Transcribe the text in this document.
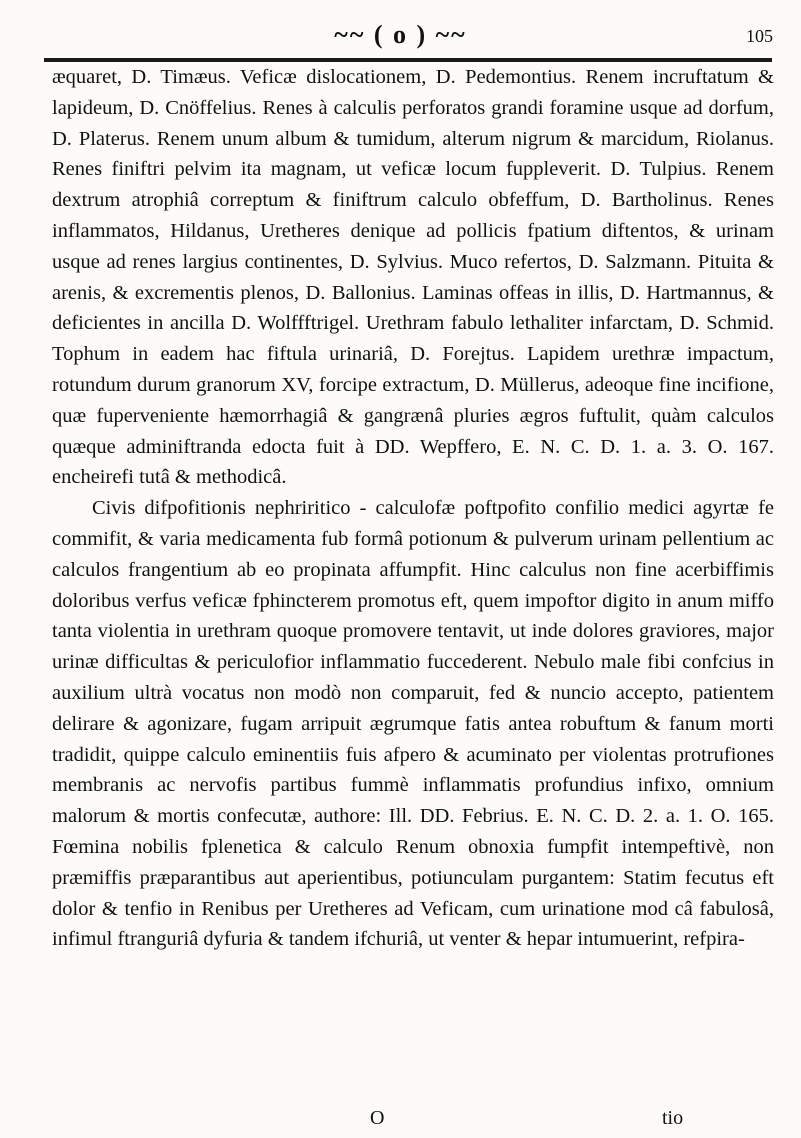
~~ ( o ) ~~	105

æquaret, D. Timæus. Veficæ dislocationem, D. Pedemontius. Renem incruftatum & lapideum, D. Cnöffelius. Renes à calculis perforatos grandi foramine usque ad dorfum, D. Platerus. Renem unum album & tumidum, alterum nigrum & marcidum, Riolanus. Renes finiftri pelvim ita magnam, ut veficæ locum fuppleverit. D. Tulpius. Renem dextrum atrophiâ correptum & finiftrum calculo obfeffum, D. Bartholinus. Renes inflammatos, Hildanus, Uretheres denique ad pollicis fpatium diftentos, & urinam usque ad renes largius continentes, D. Sylvius. Muco refertos, D. Salzmann. Pituita & arenis, & excrementis plenos, D. Ballonius. Laminas offeas in illis, D. Hartmannus, & deficientes in ancilla D. Wolffftrigel. Urethram fabulo lethaliter infarctam, D. Schmid. Tophum in eadem hac fiftula urinariâ, D. Forejtus. Lapidem urethræ impactum, rotundum durum granorum XV, forcipe extractum, D. Müllerus, adeoque fine incifione, quæ fuperveniente hæmorrhagiâ & gangrænâ pluries ægros fuftulit, quàm calculos quæque adminiftranda edocta fuit à DD. Wepffero, E. N. C. D. 1. a. 3. O. 167. encheirefi tutâ & methodicâ.

Civis difpofitionis nephriritico - calculofæ poftpofito confilio medici agyrtæ fe commifit, & varia medicamenta fub formâ potionum & pulverum urinam pellentium ac calculos frangentium ab eo propinata affumpfit. Hinc calculus non fine acerbiffimis doloribus verfus veficæ fphincterem promotus eft, quem impoftor digito in anum miffo tanta violentia in urethram quoque promovere tentavit, ut inde dolores graviores, major urinæ difficultas & periculofior inflammatio fuccederent. Nebulo male fibi confcius in auxilium ultrà vocatus non modò non comparuit, fed & nuncio accepto, patientem delirare & agonizare, fugam arripuit ægrumque fatis antea robuftum & fanum morti tradidit, quippe calculo eminentiis fuis afpero & acuminato per violentas protrufiones membranis ac nervofis partibus fummè inflammatis profundius infixo, omnium malorum & mortis confecutæ, authore: Ill. DD. Febrius. E. N. C. D. 2. a. 1. O. 165. Fœmina nobilis fplenetica & calculo Renum obnoxia fumpfit intempeftivè, non præmiffis præparantibus aut aperientibus, potiunculam purgantem: Statim fecutus eft dolor & tenfio in Renibus per Uretheres ad Veficam, cum urinatione mod câ fabulosâ, infimul ftranguriâ dyfuria & tandem ifchuriâ, ut venter & hepar intumuerint, refpira-

O	tio
